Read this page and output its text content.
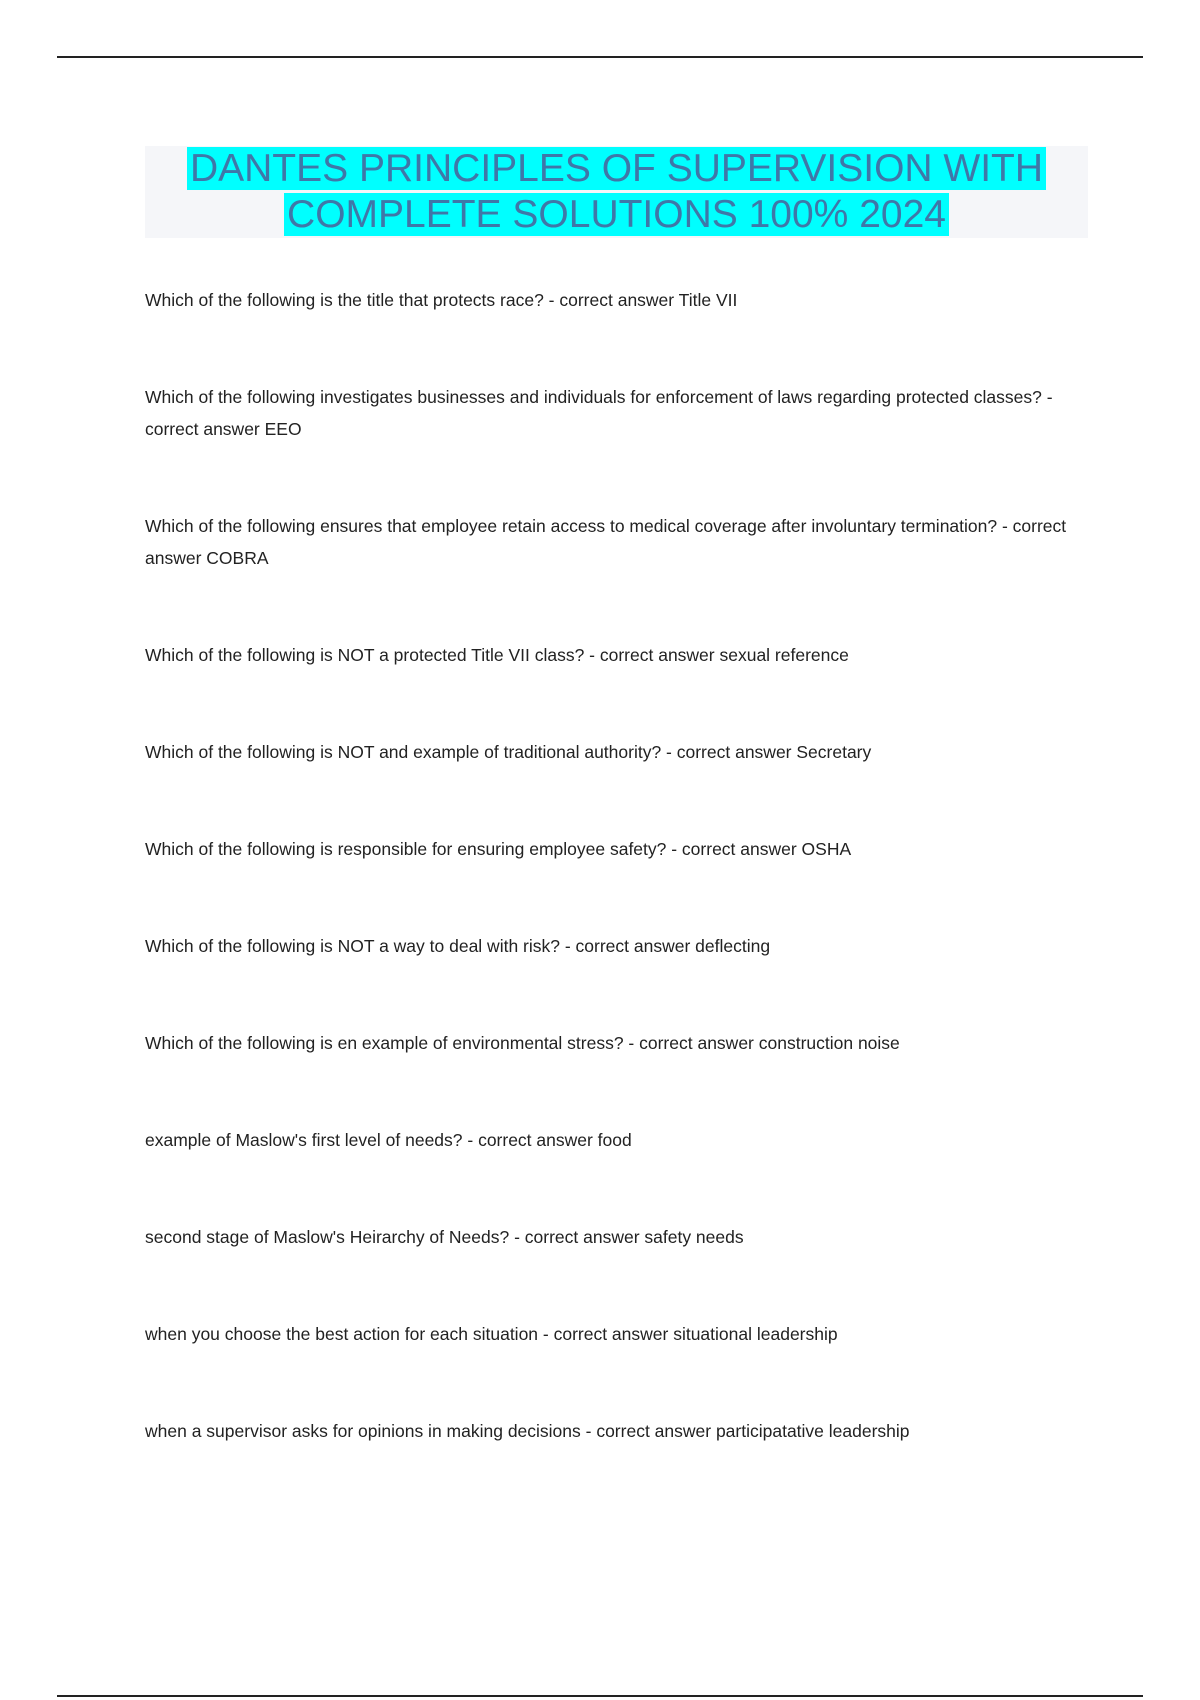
DANTES PRINCIPLES OF SUPERVISION WITH
COMPLETE SOLUTIONS 100% 2024

Which of the following is the title that protects race? - correct answer Title VII

Which of the following investigates businesses and individuals for enforcement of laws regarding protected classes? - correct answer EEO

Which of the following ensures that employee retain access to medical coverage after involuntary termination? - correct answer COBRA

Which of the following is NOT a protected Title VII class? - correct answer sexual reference

Which of the following is NOT and example of traditional authority? - correct answer Secretary

Which of the following is responsible for ensuring employee safety? - correct answer OSHA

Which of the following is NOT a way to deal with risk? - correct answer deflecting

Which of the following is en example of environmental stress? - correct answer construction noise

example of Maslow's first level of needs? - correct answer food

second stage of Maslow's Heirarchy of Needs? - correct answer safety needs

when you choose the best action for each situation - correct answer situational leadership

when a supervisor asks for opinions in making decisions - correct answer participatative leadership
